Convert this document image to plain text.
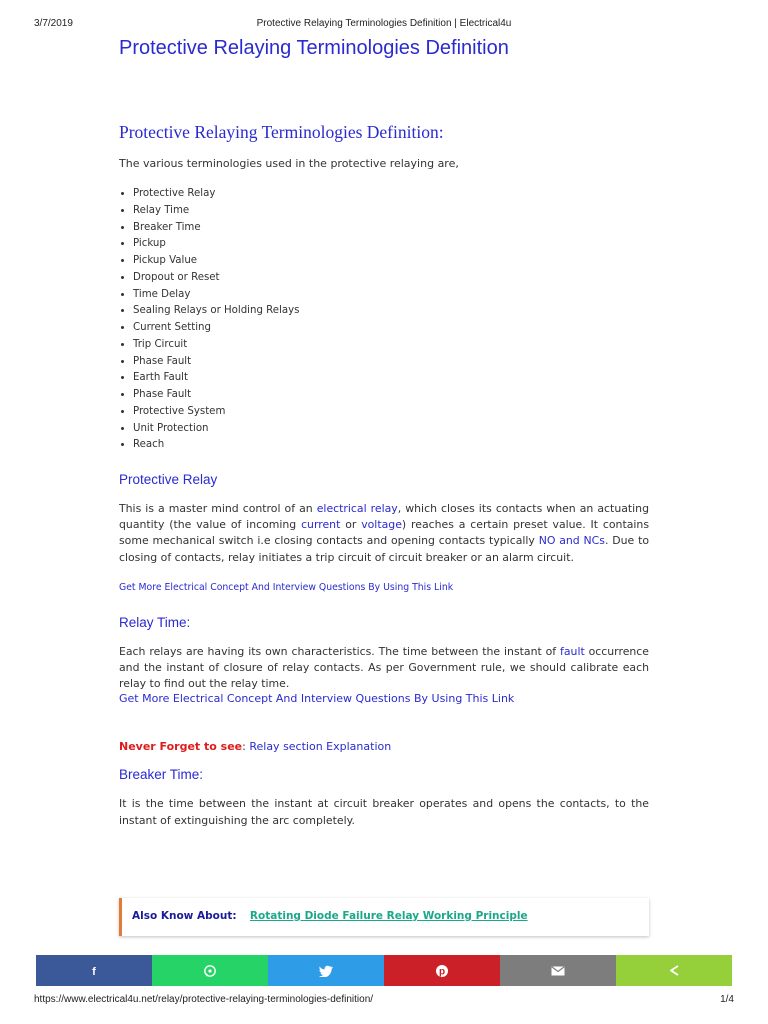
3/7/2019	Protective Relaying Terminologies Definition | Electrical4u
Protective Relaying Terminologies Definition
Protective Relaying Terminologies Definition:

The various terminologies used in the protective relaying are,

• Protective Relay
• Relay Time
• Breaker Time
• Pickup
• Pickup Value
• Dropout or Reset
• Time Delay
• Sealing Relays or Holding Relays
• Current Setting
• Trip Circuit
• Phase Fault
• Earth Fault
• Phase Fault
• Protective System
• Unit Protection
• Reach
Protective Relay

This is a master mind control of an electrical relay, which closes its contacts when an actuating quantity (the value of incoming current or voltage) reaches a certain preset value. It contains some mechanical switch i.e closing contacts and opening contacts typically NO and NCs. Due to closing of contacts, relay initiates a trip circuit of circuit breaker or an alarm circuit.

Get More Electrical Concept And Interview Questions By Using This Link
Relay Time:

Each relays are having its own characteristics. The time between the instant of fault occurrence and the instant of closure of relay contacts. As per Government rule, we should calibrate each relay to find out the relay time.

Get More Electrical Concept And Interview Questions By Using This Link
Never Forget to see: Relay section Explanation
Breaker Time:

It is the time between the instant at circuit breaker operates and opens the contacts, to the instant of extinguishing the arc completely.

Also Know About: Rotating Diode Failure Relay Working Principle
f	p
https://www.electrical4u.net/relay/protective-relaying-terminologies-definition/	1/4
